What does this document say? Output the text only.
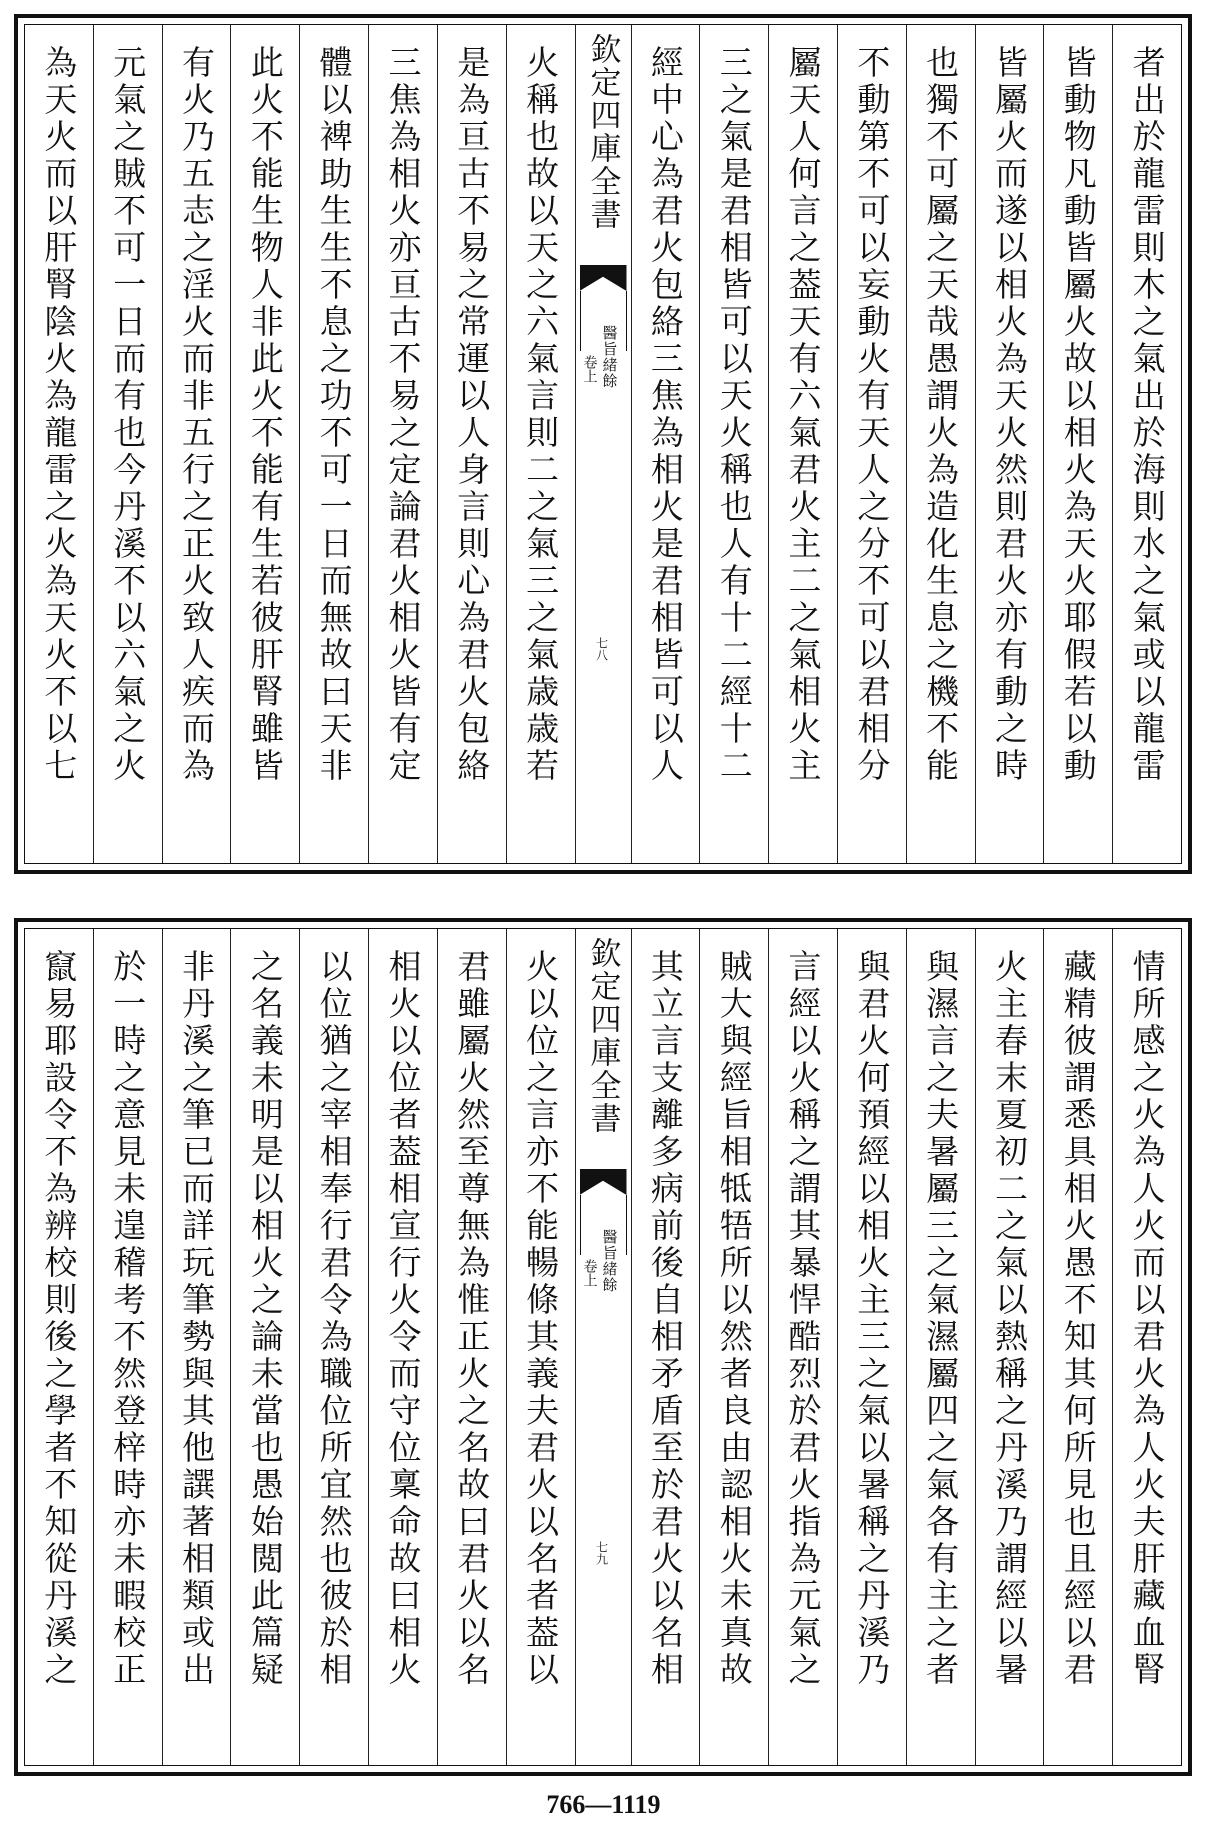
者出於龍雷則木之氣出於海則水之氣或以龍雷
皆動物凡動皆屬火故以相火為天火耶假若以動
皆屬火而遂以相火為天火然則君火亦有動之時
也獨不可屬之天哉愚謂火為造化生息之機不能
不動第不可以妄動火有天人之分不可以君相分
屬天人何言之葢天有六氣君火主二之氣相火主
三之氣是君相皆可以天火稱也人有十二經十二
經中心為君火包絡三焦為相火是君相皆可以人
欽定四庫全書
醫旨緒餘
卷上
七八
火稱也故以天之六氣言則二之氣三之氣歳歳若
是為亘古不易之常運以人身言則心為君火包絡
三焦為相火亦亘古不易之定論君火相火皆有定
體以裨助生生不息之功不可一日而無故曰天非
此火不能生物人非此火不能有生若彼肝腎雖皆
有火乃五志之淫火而非五行之正火致人疾而為
元氣之賊不可一日而有也今丹溪不以六氣之火
為天火而以肝腎陰火為龍雷之火為天火不以七
情所感之火為人火而以君火為人火夫肝藏血腎
藏精彼謂悉具相火愚不知其何所見也且經以君
火主春末夏初二之氣以熱稱之丹溪乃謂經以暑
與濕言之夫暑屬三之氣濕屬四之氣各有主之者
與君火何預經以相火主三之氣以暑稱之丹溪乃
言經以火稱之謂其暴悍酷烈於君火指為元氣之
賊大與經旨相牴牾所以然者良由認相火未真故
其立言支離多病前後自相矛盾至於君火以名相
欽定四庫全書
醫旨緒餘
卷上
七九
火以位之言亦不能暢條其義夫君火以名者葢以
君雖屬火然至尊無為惟正火之名故曰君火以名
相火以位者葢相宣行火令而守位稟命故曰相火
以位猶之宰相奉行君令為職位所宜然也彼於相
之名義未明是以相火之論未當也愚始閲此篇疑
非丹溪之筆已而詳玩筆勢與其他譔著相類或出
於一時之意見未遑稽考不然登梓時亦未暇校正
竄易耶設令不為辨校則後之學者不知從丹溪之
766—1119
